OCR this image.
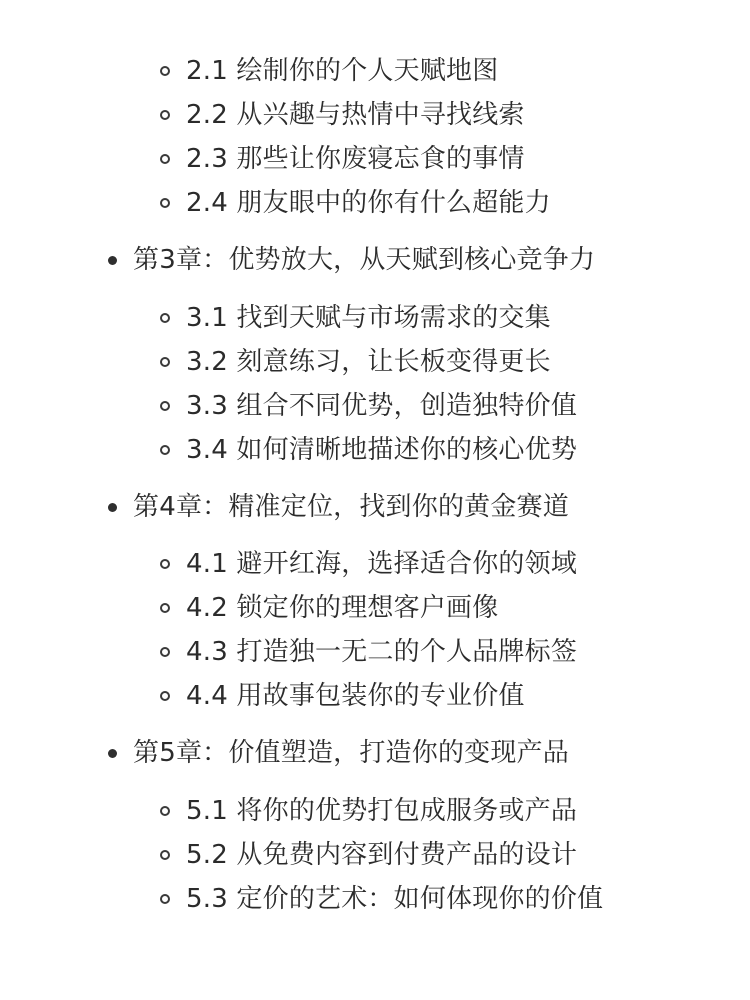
2.1 绘制你的个人天赋地图
2.2 从兴趣与热情中寻找线索
2.3 那些让你废寝忘食的事情
2.4 朋友眼中的你有什么超能力
第3章：优势放大，从天赋到核心竞争力
3.1 找到天赋与市场需求的交集
3.2 刻意练习，让长板变得更长
3.3 组合不同优势，创造独特价值
3.4 如何清晰地描述你的核心优势
第4章：精准定位，找到你的黄金赛道
4.1 避开红海，选择适合你的领域
4.2 锁定你的理想客户画像
4.3 打造独一无二的个人品牌标签
4.4 用故事包装你的专业价值
第5章：价值塑造，打造你的变现产品
5.1 将你的优势打包成服务或产品
5.2 从免费内容到付费产品的设计
5.3 定价的艺术：如何体现你的价值
